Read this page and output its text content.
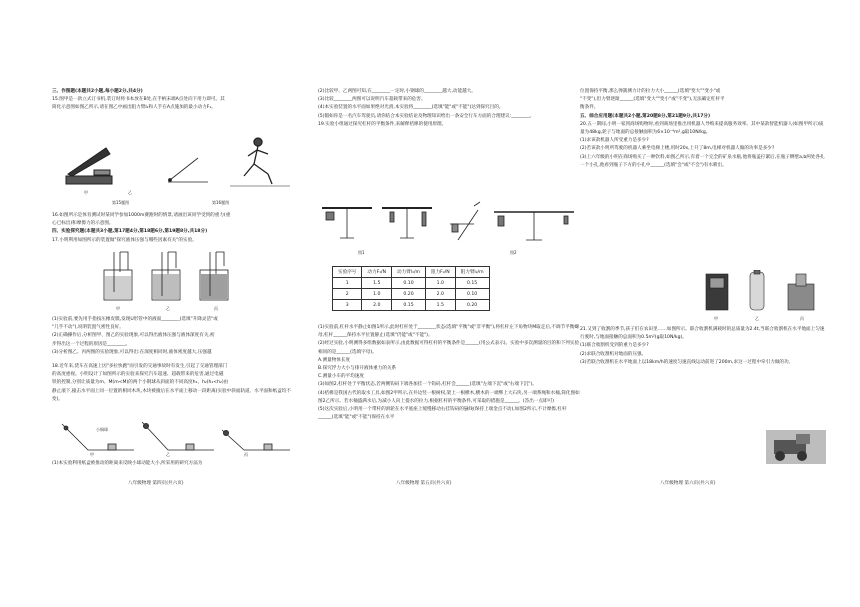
三、作图题(本题共2小题,每小题2分,共4分)

15.图甲是一款立式订书机,装订时将书本放在B处,在手柄末端A点处向下用力即可。其

简化示意图如图乙所示,请在图乙中画出阻力臂l₂和人手在A点施加的最小动力F₁。

甲	乙
第15题图	第16题图

16.如图所示是体育测试时某同学参加1000m赛跑时的情景,请画出该同学受到的重力(重

心已标出)和摩擦力的示意图。

四、实验探究题(本题共3小题,第17题4分,第18题6分,第19题8分,共18分)

17.小明利用如图所示的装置做"探究液体压强与哪些因素有关"的实验。

甲	乙	丙

(1)实验前,要先用手指按压橡皮膜,发现U形管中的液面________(选填"升降灵活"或

"几乎不动"),说明装置气密性良好。

(2)正确操作后,分析图甲、图乙的实验现象,可以得出液体压强与液体深度有关,初

步得出这一个过程的原因是________。

(3)分析图乙、丙两图的实验现象,可以得出:在深度相同时,液体密度越大,压强越

18.近年来,货车在高速上因"多拉快跑"而引发的交通事故时有发生,引起了交通管理部门

的高度重视。小明设计了如图所示的实验来探究汽车超速、超载带来的危害,通过电磁

铁的控制,分别让质量为m、M(m<M)的两个小钢球从斜面的不同高度h₁、h₂(h₁<h₂)由

静止滚下,撞击水平面上同一位置的相同木块,木块被撞后在水平面上移动一段距离(实验中斜面轨道、水平面和纸盒均不变)。

小铜球
甲	乙	丙

(1)本实验利用纸盒被推动的距离来反映小球动能大小,所采用的研究方法为

八年级物理 第四页(共六页)

(2)比较甲、乙两图可知,在________一定时,小钢球的________越大,动能越大。

(3)比较________两图可以说明汽车超载带来的危害。

(4)本实验装置的水平面如果绝对光滑,本实验将________(选填"能"或"不能")达到探究目的。

(5)假如你是一名汽车驾驶员,请你结合本实验结论及物理知识给出一条安全行车方面的合理建议:________。

19.实验小组通过探究杠杆的平衡条件,来解释桔槔的使用原理。

图1	图2
实验序号	动力F₁/N	动力臂l₁/m	阻力F₂/N	阻力臂l₂/m
1	1.5	0.10	1.0	0.15
2	1.0	0.20	2.0	0.10
3	2.0	0.15	1.5	0.20

(1)实验前,杠杆水平静止如图1所示,此时杠杆处于________状态(选填"平衡"或"非平衡"),将杠杆左下角物块M取走后,不调节平衡螺母,杠杆______保持水平位置静止(选填"仍能"或"不能")。

(2)经过实验,小明测得多组数据如表所示,由此数据可得杠杆的平衡条件是______(用公式表示)。实验中多次测量的目的和下列实验相同的是______(选填字母)。

A.测量物体长度

B.探究浮力大小与排开液体重力的关系

C.测量小车的平均速度

(3)如图2,杠杆处于平衡状态,若两侧钩码下端各加挂一个钩码,杠杆会______(选填"左端下沉"或"右端下沉")。

(4)桔槔是我国古代的取水工具,如图2甲所示,在井边竖一根树权,架上一根横木,横木的一端绑上大石块,另一端系绳和水桶,简化图如图2乙所示。若水桶盛满水后,为减小人向上提水的拉力,根据杠杆的平衡条件,可采取的措施是______。(答出一点即可)

(5)这次实验后,小明用一个带杆的滑轮在水平底座上缓慢移动右挂钩码的悬线(保持上端金点不动),如图2所示,不计摩擦,杠杆______(选填"能"或"不能")保持在水平

八年级物理 第五页(共六页)

位置保持平衡,那么弹簧测力计的拉力大小______(选填"变大""变小"或

"不变"),但力臂逐渐______(选填"变大""变小"或"不变"),无法确定杠杆平

衡条件。

五、综合应用题(本题共2小题,第20题8分,第21题9分,共17分)

20.五一期间,小明一家到商场购物时,看到商场里推出用机器人导购来提高服务效率。其中某款智能机器人(如图甲所示)质量为48kg,轮子与地面的总接触面积为6×10⁻⁴m²,g取10N/kg。

(1)求该款机器人所受重力是多少?

(2)若该款小明所驾驶的机器人乘坐电梯上楼,用时20s,上升了8m,电梯对机器人做的功率是多少?

(3)上六年级的小明在商场购买了一种饮料,如图乙所示,有着一个完全的矿泉水瓶,他将瓶盖拧紧后,在瓶子侧壁a,b两处各扎一个小孔,他看到瓶子下方的小孔中______(选填"会"或"不会")有水喷出。

甲	乙	丙

21.又到了收割的季节,孩子们在农田里……如图所示。联合收割机满载时的总质量为2.4t,当联合收割机在水平地面上匀速行驶时,与地面接触的总面积为0.5m²(g取10N/kg)。

(1)联合收割机受到的重力是多少?

(2)求联合收割机对地面的压强。

(3)若联合收割机在水平地面上以18km/h的速度匀速直线运动前进了200m,求这一过程中牵引力做的功。

八年级物理 第六页(共六页)
